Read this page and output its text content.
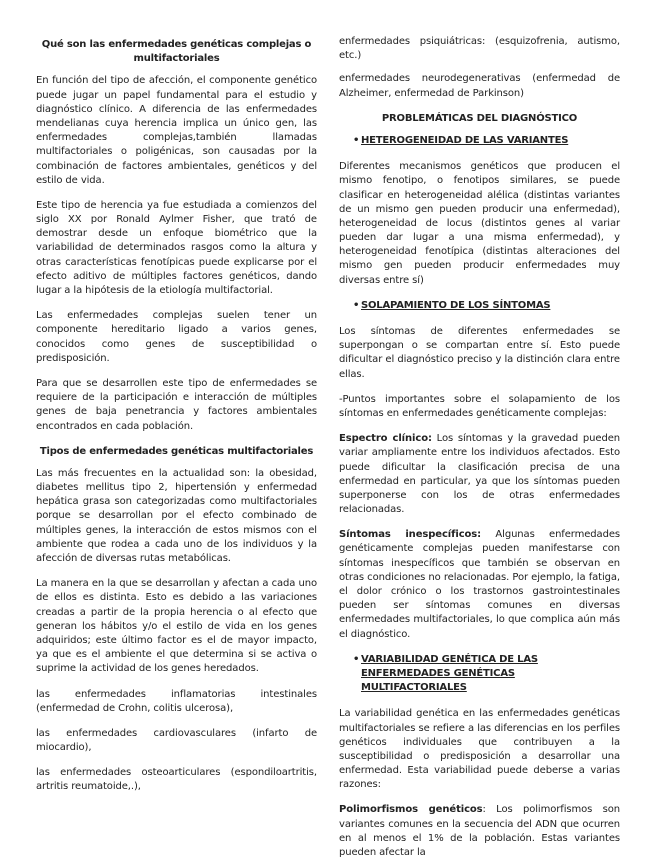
Qué son las enfermedades genéticas complejas o multifactoriales

En función del tipo de afección, el componente genético puede jugar un papel fundamental para el estudio y diagnóstico clínico. A diferencia de las enfermedades mendelianas cuya herencia implica un único gen, las enfermedades complejas,también llamadas multifactoriales o poligénicas, son causadas por la combinación de factores ambientales, genéticos y del estilo de vida.

Este tipo de herencia ya fue estudiada a comienzos del siglo XX por Ronald Aylmer Fisher, que trató de demostrar desde un enfoque biométrico que la variabilidad de determinados rasgos como la altura y otras características fenotípicas puede explicarse por el efecto aditivo de múltiples factores genéticos, dando lugar a la hipótesis de la etiología multifactorial.

Las enfermedades complejas suelen tener un componente hereditario ligado a varios genes, conocidos como genes de susceptibilidad o predisposición.

Para que se desarrollen este tipo de enfermedades se requiere de la participación e interacción de múltiples genes de baja penetrancia y factores ambientales encontrados en cada población.

Tipos de enfermedades genéticas multifactoriales

Las más frecuentes en la actualidad son: la obesidad, diabetes mellitus tipo 2, hipertensión y enfermedad hepática grasa son categorizadas como multifactoriales porque se desarrollan por el efecto combinado de múltiples genes, la interacción de estos mismos con el ambiente que rodea a cada uno de los individuos y la afección de diversas rutas metabólicas.

La manera en la que se desarrollan y afectan a cada uno de ellos es distinta. Esto es debido a las variaciones creadas a partir de la propia herencia o al efecto que generan los hábitos y/o el estilo de vida en los genes adquiridos; este último factor es el de mayor impacto, ya que es el ambiente el que determina si se activa o suprime la actividad de los genes heredados.

las enfermedades inflamatorias intestinales (enfermedad de Crohn, colitis ulcerosa),

las enfermedades cardiovasculares (infarto de miocardio),

las enfermedades osteoarticulares (espondiloartritis, artritis reumatoide,.),

enfermedades psiquiátricas: (esquizofrenia, autismo, etc.)

enfermedades neurodegenerativas (enfermedad de Alzheimer, enfermedad de Parkinson)

PROBLEMÁTICAS DEL DIAGNÓSTICO
• HETEROGENEIDAD DE LAS VARIANTES

Diferentes mecanismos genéticos que producen el mismo fenotipo, o fenotipos similares, se puede clasificar en heterogeneidad alélica (distintas variantes de un mismo gen pueden producir una enfermedad), heterogeneidad de locus (distintos genes al variar pueden dar lugar a una misma enfermedad), y heterogeneidad fenotípica (distintas alteraciones del mismo gen pueden producir enfermedades muy diversas entre sí)

• SOLAPAMIENTO DE LOS SÍNTOMAS

Los síntomas de diferentes enfermedades se superpongan o se compartan entre sí. Esto puede dificultar el diagnóstico preciso y la distinción clara entre ellas.

-Puntos importantes sobre el solapamiento de los síntomas en enfermedades genéticamente complejas:

Espectro clínico: Los síntomas y la gravedad pueden variar ampliamente entre los individuos afectados. Esto puede dificultar la clasificación precisa de una enfermedad en particular, ya que los síntomas pueden superponerse con los de otras enfermedades relacionadas.

Síntomas inespecíficos: Algunas enfermedades genéticamente complejas pueden manifestarse con síntomas inespecíficos que también se observan en otras condiciones no relacionadas. Por ejemplo, la fatiga, el dolor crónico o los trastornos gastrointestinales pueden ser síntomas comunes en diversas enfermedades multifactoriales, lo que complica aún más el diagnóstico.

• VARIABILIDAD GENÉTICA DE LAS ENFERMEDADES GENÉTICAS MULTIFACTORIALES

La variabilidad genética en las enfermedades genéticas multifactoriales se refiere a las diferencias en los perfiles genéticos individuales que contribuyen a la susceptibilidad o predisposición a desarrollar una enfermedad. Esta variabilidad puede deberse a varias razones:

Polimorfismos genéticos: Los polimorfismos son variantes comunes en la secuencia del ADN que ocurren en al menos el 1% de la población. Estas variantes pueden afectar la
